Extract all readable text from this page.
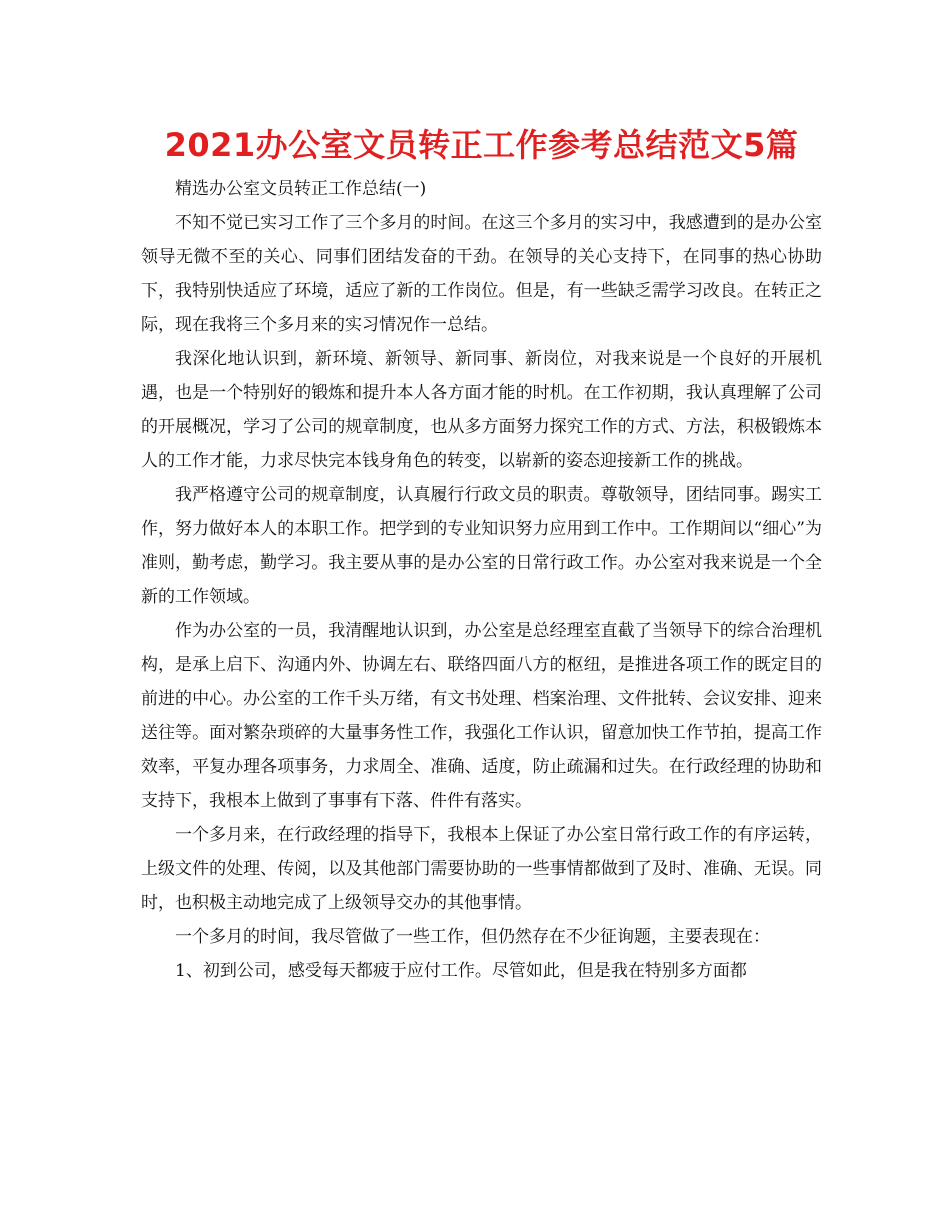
2021办公室文员转正工作参考总结范文5篇

精选办公室文员转正工作总结(一)

不知不觉已实习工作了三个多月的时间。在这三个多月的实习中，我感遭到的是办公室领导无微不至的关心、同事们团结发奋的干劲。在领导的关心支持下，在同事的热心协助下，我特别快适应了环境，适应了新的工作岗位。但是，有一些缺乏需学习改良。在转正之际，现在我将三个多月来的实习情况作一总结。

我深化地认识到，新环境、新领导、新同事、新岗位，对我来说是一个良好的开展机遇，也是一个特别好的锻炼和提升本人各方面才能的时机。在工作初期，我认真理解了公司的开展概况，学习了公司的规章制度，也从多方面努力探究工作的方式、方法，积极锻炼本人的工作才能，力求尽快完本钱身角色的转变，以崭新的姿态迎接新工作的挑战。

我严格遵守公司的规章制度，认真履行行政文员的职责。尊敬领导，团结同事。踢实工作，努力做好本人的本职工作。把学到的专业知识努力应用到工作中。工作期间以“细心”为准则，勤考虑，勤学习。我主要从事的是办公室的日常行政工作。办公室对我来说是一个全新的工作领域。

作为办公室的一员，我清醒地认识到，办公室是总经理室直截了当领导下的综合治理机构，是承上启下、沟通内外、协调左右、联络四面八方的枢纽，是推进各项工作的既定目的前进的中心。办公室的工作千头万绪，有文书处理、档案治理、文件批转、会议安排、迎来送往等。面对繁杂琐碎的大量事务性工作，我强化工作认识，留意加快工作节拍，提高工作效率，平复办理各项事务，力求周全、准确、适度，防止疏漏和过失。在行政经理的协助和支持下，我根本上做到了事事有下落、件件有落实。

一个多月来，在行政经理的指导下，我根本上保证了办公室日常行政工作的有序运转，上级文件的处理、传阅，以及其他部门需要协助的一些事情都做到了及时、准确、无误。同时，也积极主动地完成了上级领导交办的其他事情。

一个多月的时间，我尽管做了一些工作，但仍然存在不少征询题，主要表现在：

1、初到公司，感受每天都疲于应付工作。尽管如此，但是我在特别多方面都
